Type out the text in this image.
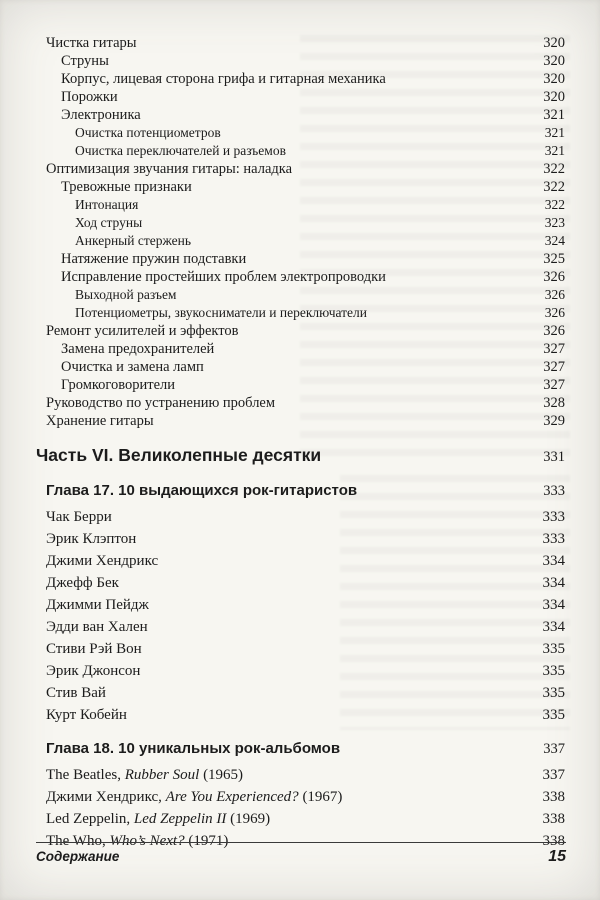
Чистка гитары	320
Струны	320
Корпус, лицевая сторона грифа и гитарная механика	320
Порожки	320
Электроника	321
Очистка потенциометров	321
Очистка переключателей и разъемов	321
Оптимизация звучания гитары: наладка	322
Тревожные признаки	322
Интонация	322
Ход струны	323
Анкерный стержень	324
Натяжение пружин подставки	325
Исправление простейших проблем электропроводки	326
Выходной разъем	326
Потенциометры, звукосниматели и переключатели	326
Ремонт усилителей и эффектов	326
Замена предохранителей	327
Очистка и замена ламп	327
Громкоговорители	327
Руководство по устранению проблем	328
Хранение гитары	329
Часть VI. Великолепные десятки	331
Глава 17. 10 выдающихся рок-гитаристов	333
Чак Берри	333
Эрик Клэптон	333
Джими Хендрикс	334
Джефф Бек	334
Джимми Пейдж	334
Эдди ван Хален	334
Стиви Рэй Вон	335
Эрик Джонсон	335
Стив Вай	335
Курт Кобейн	335
Глава 18. 10 уникальных рок-альбомов	337
The Beatles, Rubber Soul (1965)	337
Джими Хендрикс, Are You Experienced? (1967)	338
Led Zeppelin, Led Zeppelin II (1969)	338
The Who, Who’s Next? (1971)	338
Содержание	15
